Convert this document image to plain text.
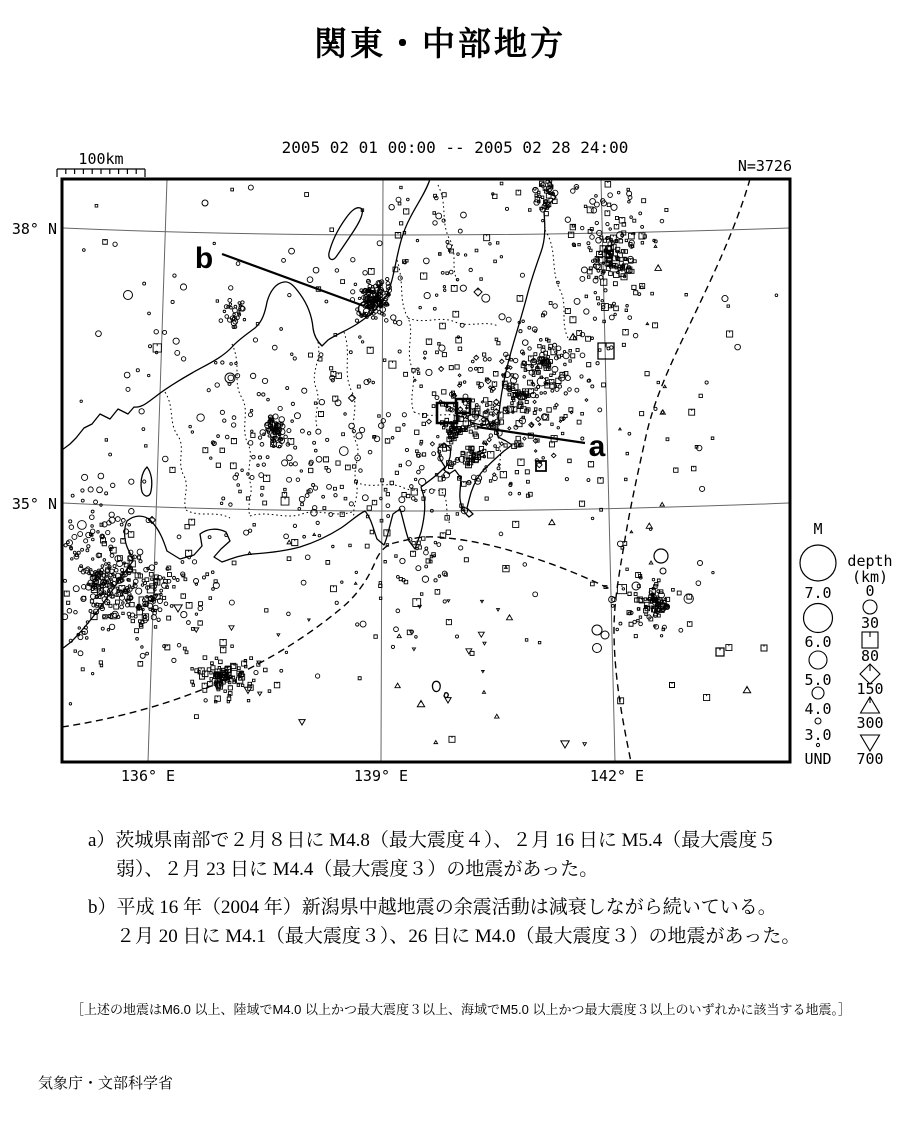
関東・中部地方
2005 02 01 00:00 -- 2005 02 28 24:00
N=3726
100km
a
b
38° N
35° N
136° E	139° E	142° E
M
7.0
6.0
5.0
4.0
3.0
UND
depth
(km)
0
30
80
150
300
700
a）茨城県南部で２月８日に M4.8（最大震度４）、２月 16 日に M5.4（最大震度５
弱）、２月 23 日に M4.4（最大震度３）の地震があった。
b）平成 16 年（2004 年）新潟県中越地震の余震活動は減衰しながら続いている。
２月 20 日に M4.1（最大震度３）、26 日に M4.0（最大震度３）の地震があった。
［上述の地震はM6.0 以上、陸域でM4.0 以上かつ最大震度３以上、海域でM5.0 以上かつ最大震度３以上のいずれかに該当する地震。］
気象庁・文部科学省
